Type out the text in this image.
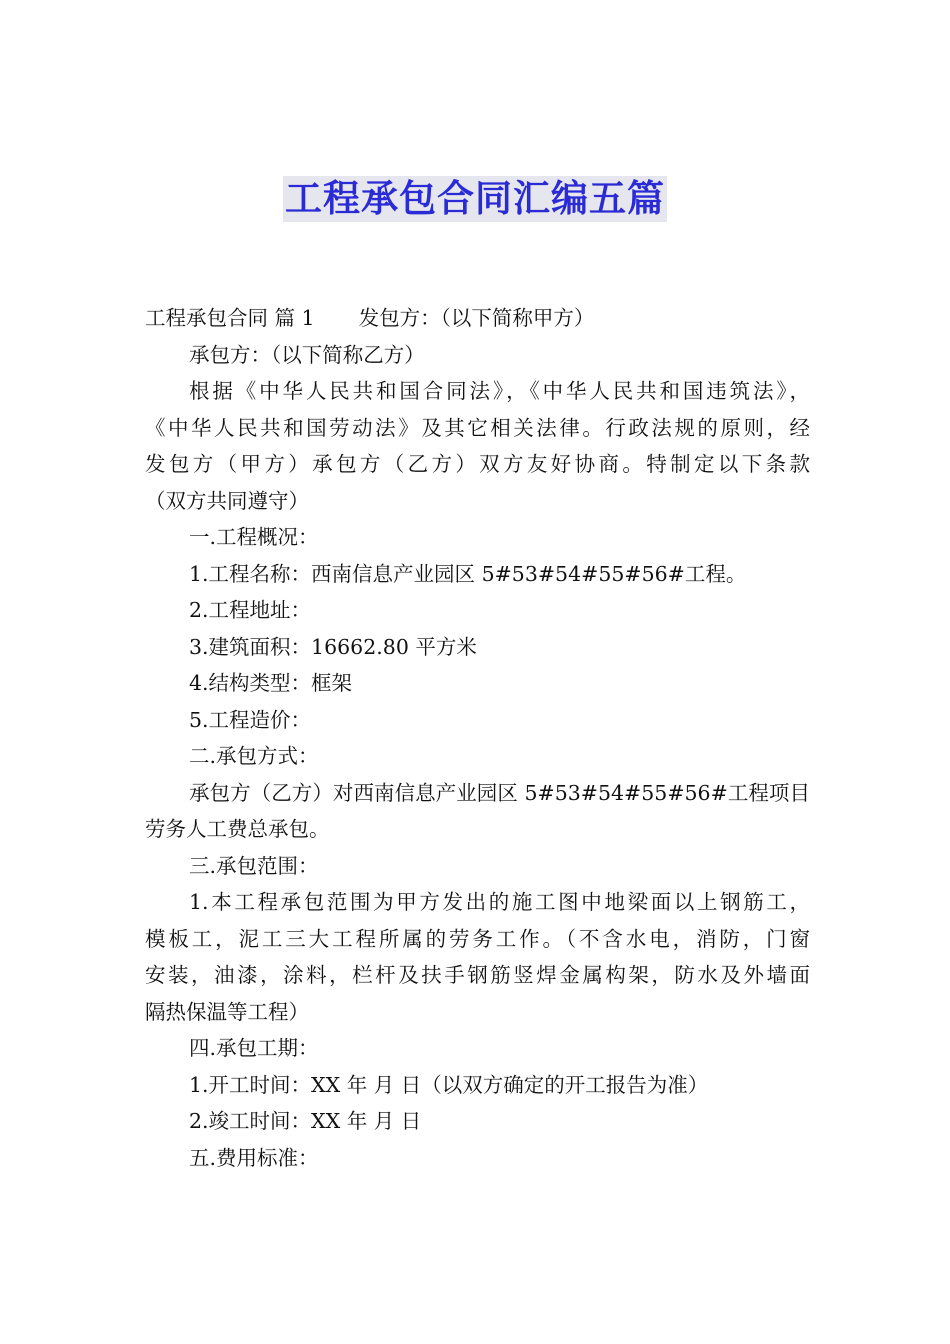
工程承包合同汇编五篇
工程承包合同 篇 1 发包方：（以下简称甲方）
承包方：（以下简称乙方）
根据《中华人民共和国合同法》，《中华人民共和国违筑法》，
《中华人民共和国劳动法》及其它相关法律。行政法规的原则，经
发包方（甲方）承包方（乙方）双方友好协商。特制定以下条款
（双方共同遵守）
一.工程概况：
1.工程名称：西南信息产业园区 5#53#54#55#56#工程。
2.工程地址：
3.建筑面积：16662.80 平方米
4.结构类型：框架
5.工程造价：
二.承包方式：
承包方（乙方）对西南信息产业园区 5#53#54#55#56#工程项目
劳务人工费总承包。
三.承包范围：
1.本工程承包范围为甲方发出的施工图中地梁面以上钢筋工，
模板工，泥工三大工程所属的劳务工作。（不含水电，消防，门窗
安装，油漆，涂料，栏杆及扶手钢筋竖焊金属构架，防水及外墙面
隔热保温等工程）
四.承包工期：
1.开工时间：XX 年 月 日（以双方确定的开工报告为准）
2.竣工时间：XX 年 月 日
五.费用标准：
